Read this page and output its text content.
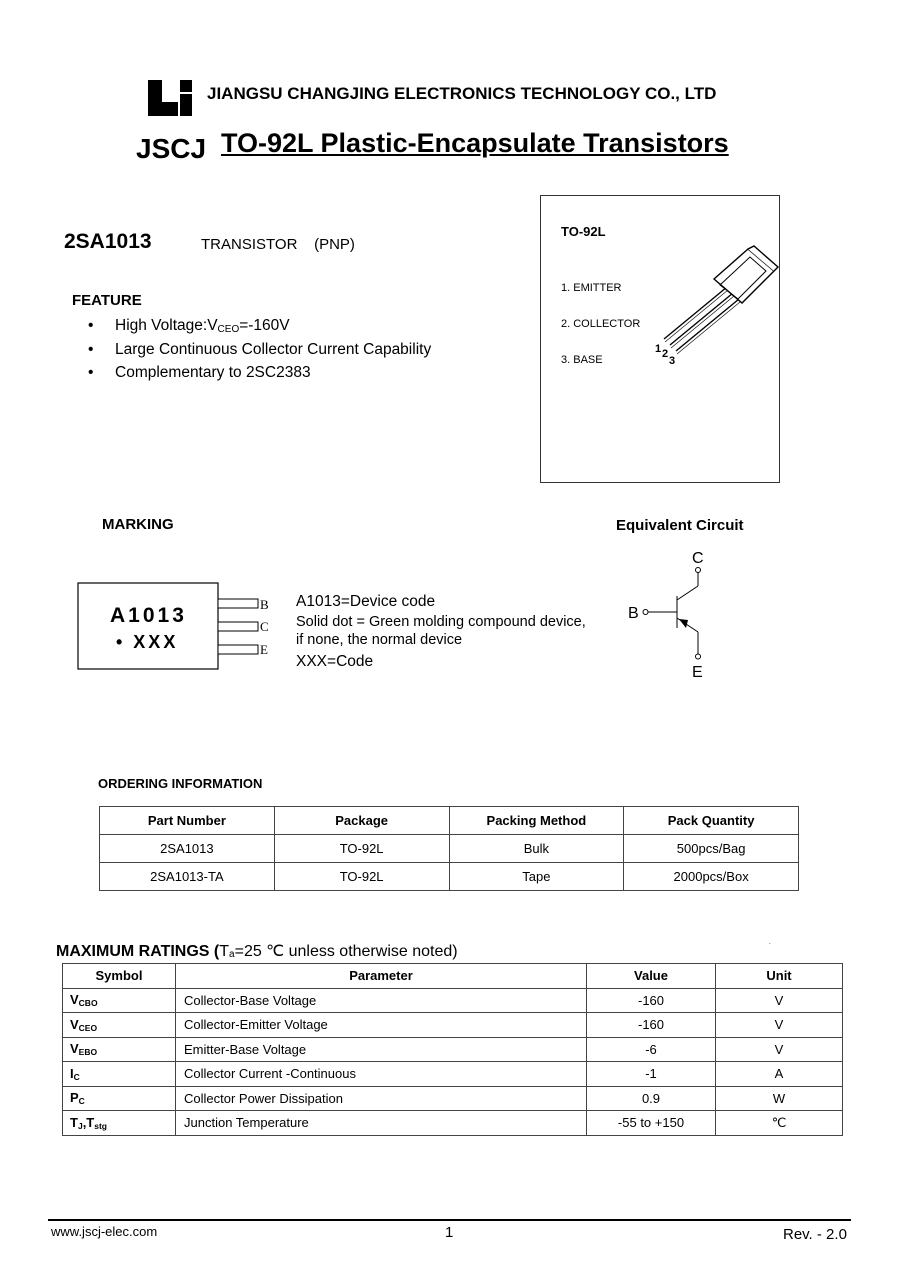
JSCJ
JIANGSU CHANGJING ELECTRONICS TECHNOLOGY CO., LTD
TO-92L Plastic-Encapsulate Transistors
2SA1013	TRANSISTOR    (PNP)
FEATURE
• High $Voltage:V_{CEO}=-160V$
• Large Continuous Collector Current Capability
• Complementary to 2SC2383
TO-92L
1. EMITTER
2. COLLECTOR
3. BASE
1 2
3
MARKING
A1013
• XXX
B
C
E
A1013=Device code
Solid dot = Green molding compound device,
if none, the normal device
XXX=Code
Equivalent Circuit
C
B
E
ORDERING INFORMATION
Part Number	Package	Packing Method	Pack Quantity
2SA1013	TO-92L	Bulk	500pcs/Bag
2SA1013-TA	TO-92L	Tape	2000pcs/Box
MAXIMUM RATINGS ($T_a=25$ ℃ unless otherwise noted)	.
Symbol	Parameter	Value	Unit
$V_{CBO}$	Collector-Base Voltage	-160	V
$V_{CEO}$	Collector-Emitter Voltage	-160	V
$V_{EBO}$	Emitter-Base Voltage	-6	V
$I_C$	Collector Current -Continuous	-1	A
$P_C$	Collector Power Dissipation	0.9	W
$T_J,T_{stg}$	Junction Temperature	-55 to +150	℃
www.jscj-elec.com	1	Rev. - 2.0
